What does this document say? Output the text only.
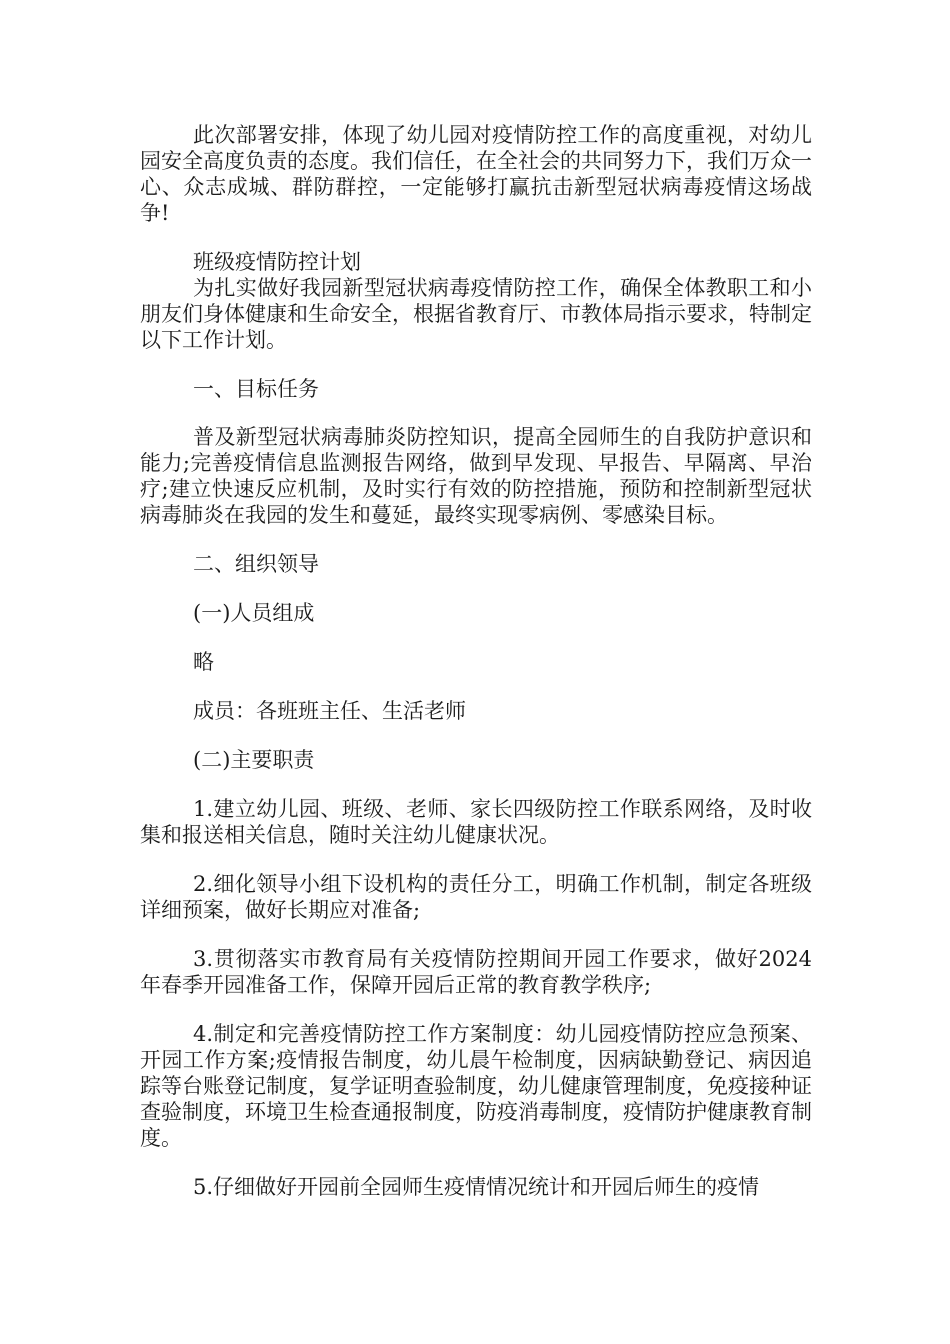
此次部署安排，体现了幼儿园对疫情防控工作的高度重视，对幼儿园安全高度负责的态度。我们信任，在全社会的共同努力下，我们万众一心、众志成城、群防群控，一定能够打赢抗击新型冠状病毒疫情这场战争!

班级疫情防控计划

为扎实做好我园新型冠状病毒疫情防控工作，确保全体教职工和小朋友们身体健康和生命安全，根据省教育厅、市教体局指示要求，特制定以下工作计划。

一、目标任务

普及新型冠状病毒肺炎防控知识，提高全园师生的自我防护意识和能力;完善疫情信息监测报告网络，做到早发现、早报告、早隔离、早治疗;建立快速反应机制，及时实行有效的防控措施，预防和控制新型冠状病毒肺炎在我园的发生和蔓延，最终实现零病例、零感染目标。

二、组织领导

(一)人员组成

略

成员：各班班主任、生活老师

(二)主要职责

1.建立幼儿园、班级、老师、家长四级防控工作联系网络，及时收集和报送相关信息，随时关注幼儿健康状况。

2.细化领导小组下设机构的责任分工，明确工作机制，制定各班级详细预案，做好长期应对准备;

3.贯彻落实市教育局有关疫情防控期间开园工作要求，做好2024年春季开园准备工作，保障开园后正常的教育教学秩序;

4.制定和完善疫情防控工作方案制度：幼儿园疫情防控应急预案、开园工作方案;疫情报告制度，幼儿晨午检制度，因病缺勤登记、病因追踪等台账登记制度，复学证明查验制度，幼儿健康管理制度，免疫接种证查验制度，环境卫生检查通报制度，防疫消毒制度，疫情防护健康教育制度。

5.仔细做好开园前全园师生疫情情况统计和开园后师生的疫情
